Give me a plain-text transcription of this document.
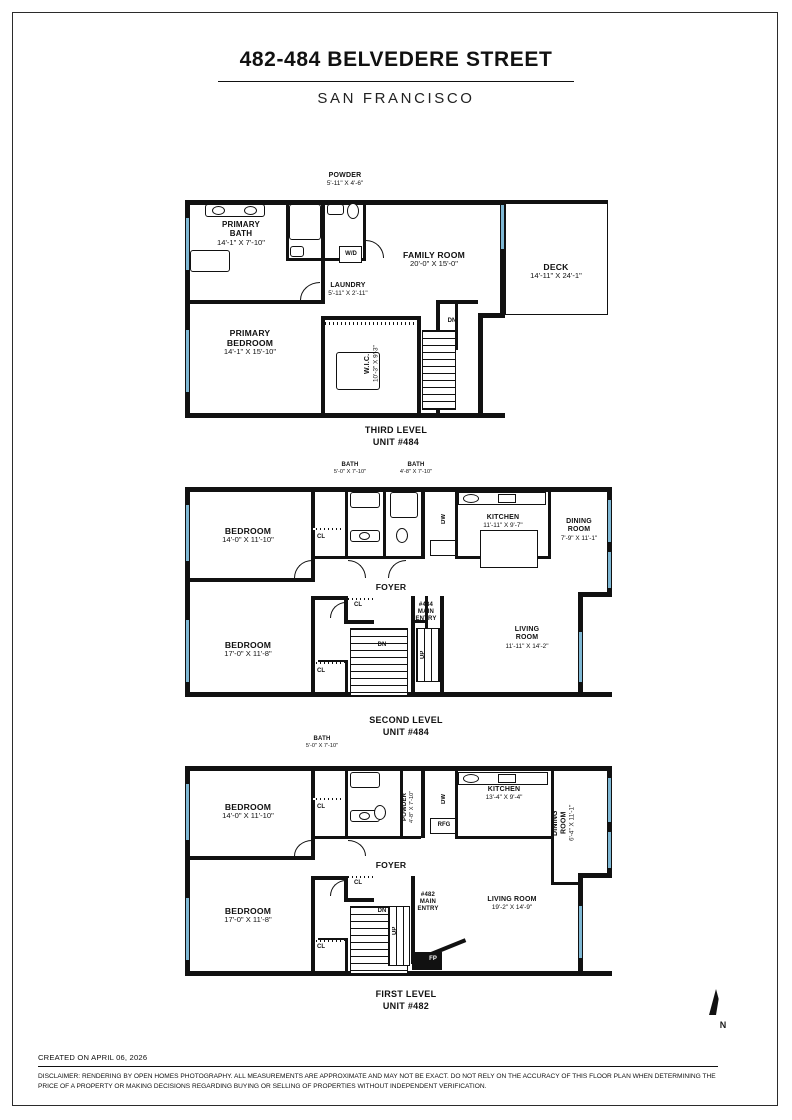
482-484 BELVEDERE STREET
SAN FRANCISCO
W/D
DN
POWDER
5'-11" X 4'-6"
PRIMARY
BATH
14'-1" X 7'-10"
FAMILY ROOM
20'-0" X 15'-0"	DECK
14'-11" X 24'-1"
LAUNDRY
5'-11" X 2'-11"
PRIMARY
BEDROOM
14'-1" X 15'-10"
W.I.C. 10'-3" X 9'-3"
THIRD LEVEL
UNIT #484
DW
DN
UP
CL
CL
CL
BATH
5'-0" X 7'-10"
BATH
4'-8" X 7'-10"
BEDROOM
14'-0" X 11'-10"
KITCHEN
11'-11" X 9'-7"
DINING
ROOM
7'-9" X 11'-1"
BEDROOM
17'-0" X 11'-8"
FOYER
LIVING
ROOM
11'-11" X 14'-2"
#484
MAIN
ENTRY
SECOND LEVEL
UNIT #484
FP
DW
RFG
DN
UP
CL
CL
CL
BATH
5'-0" X 7'-10"
POWDER 4'-8" X 7'-10"
BEDROOM
14'-0" X 11'-10"
KITCHEN
13'-4" X 9'-4"
DINING
ROOM 6'-4" X 11'-1"
BEDROOM
17'-0" X 11'-8"
FOYER
LIVING ROOM
19'-2" X 14'-9"
#482
MAIN
ENTRY
FIRST LEVEL
UNIT #482
N
CREATED ON APRIL 06, 2026
DISCLAIMER: RENDERING BY OPEN HOMES PHOTOGRAPHY. ALL MEASUREMENTS ARE APPROXIMATE AND MAY NOT BE EXACT. DO NOT RELY ON THE ACCURACY OF THIS FLOOR PLAN WHEN DETERMINING THE PRICE OF A PROPERTY OR MAKING DECISIONS REGARDING BUYING OR SELLING OF PROPERTIES WITHOUT INDEPENDENT VERIFICATION.
